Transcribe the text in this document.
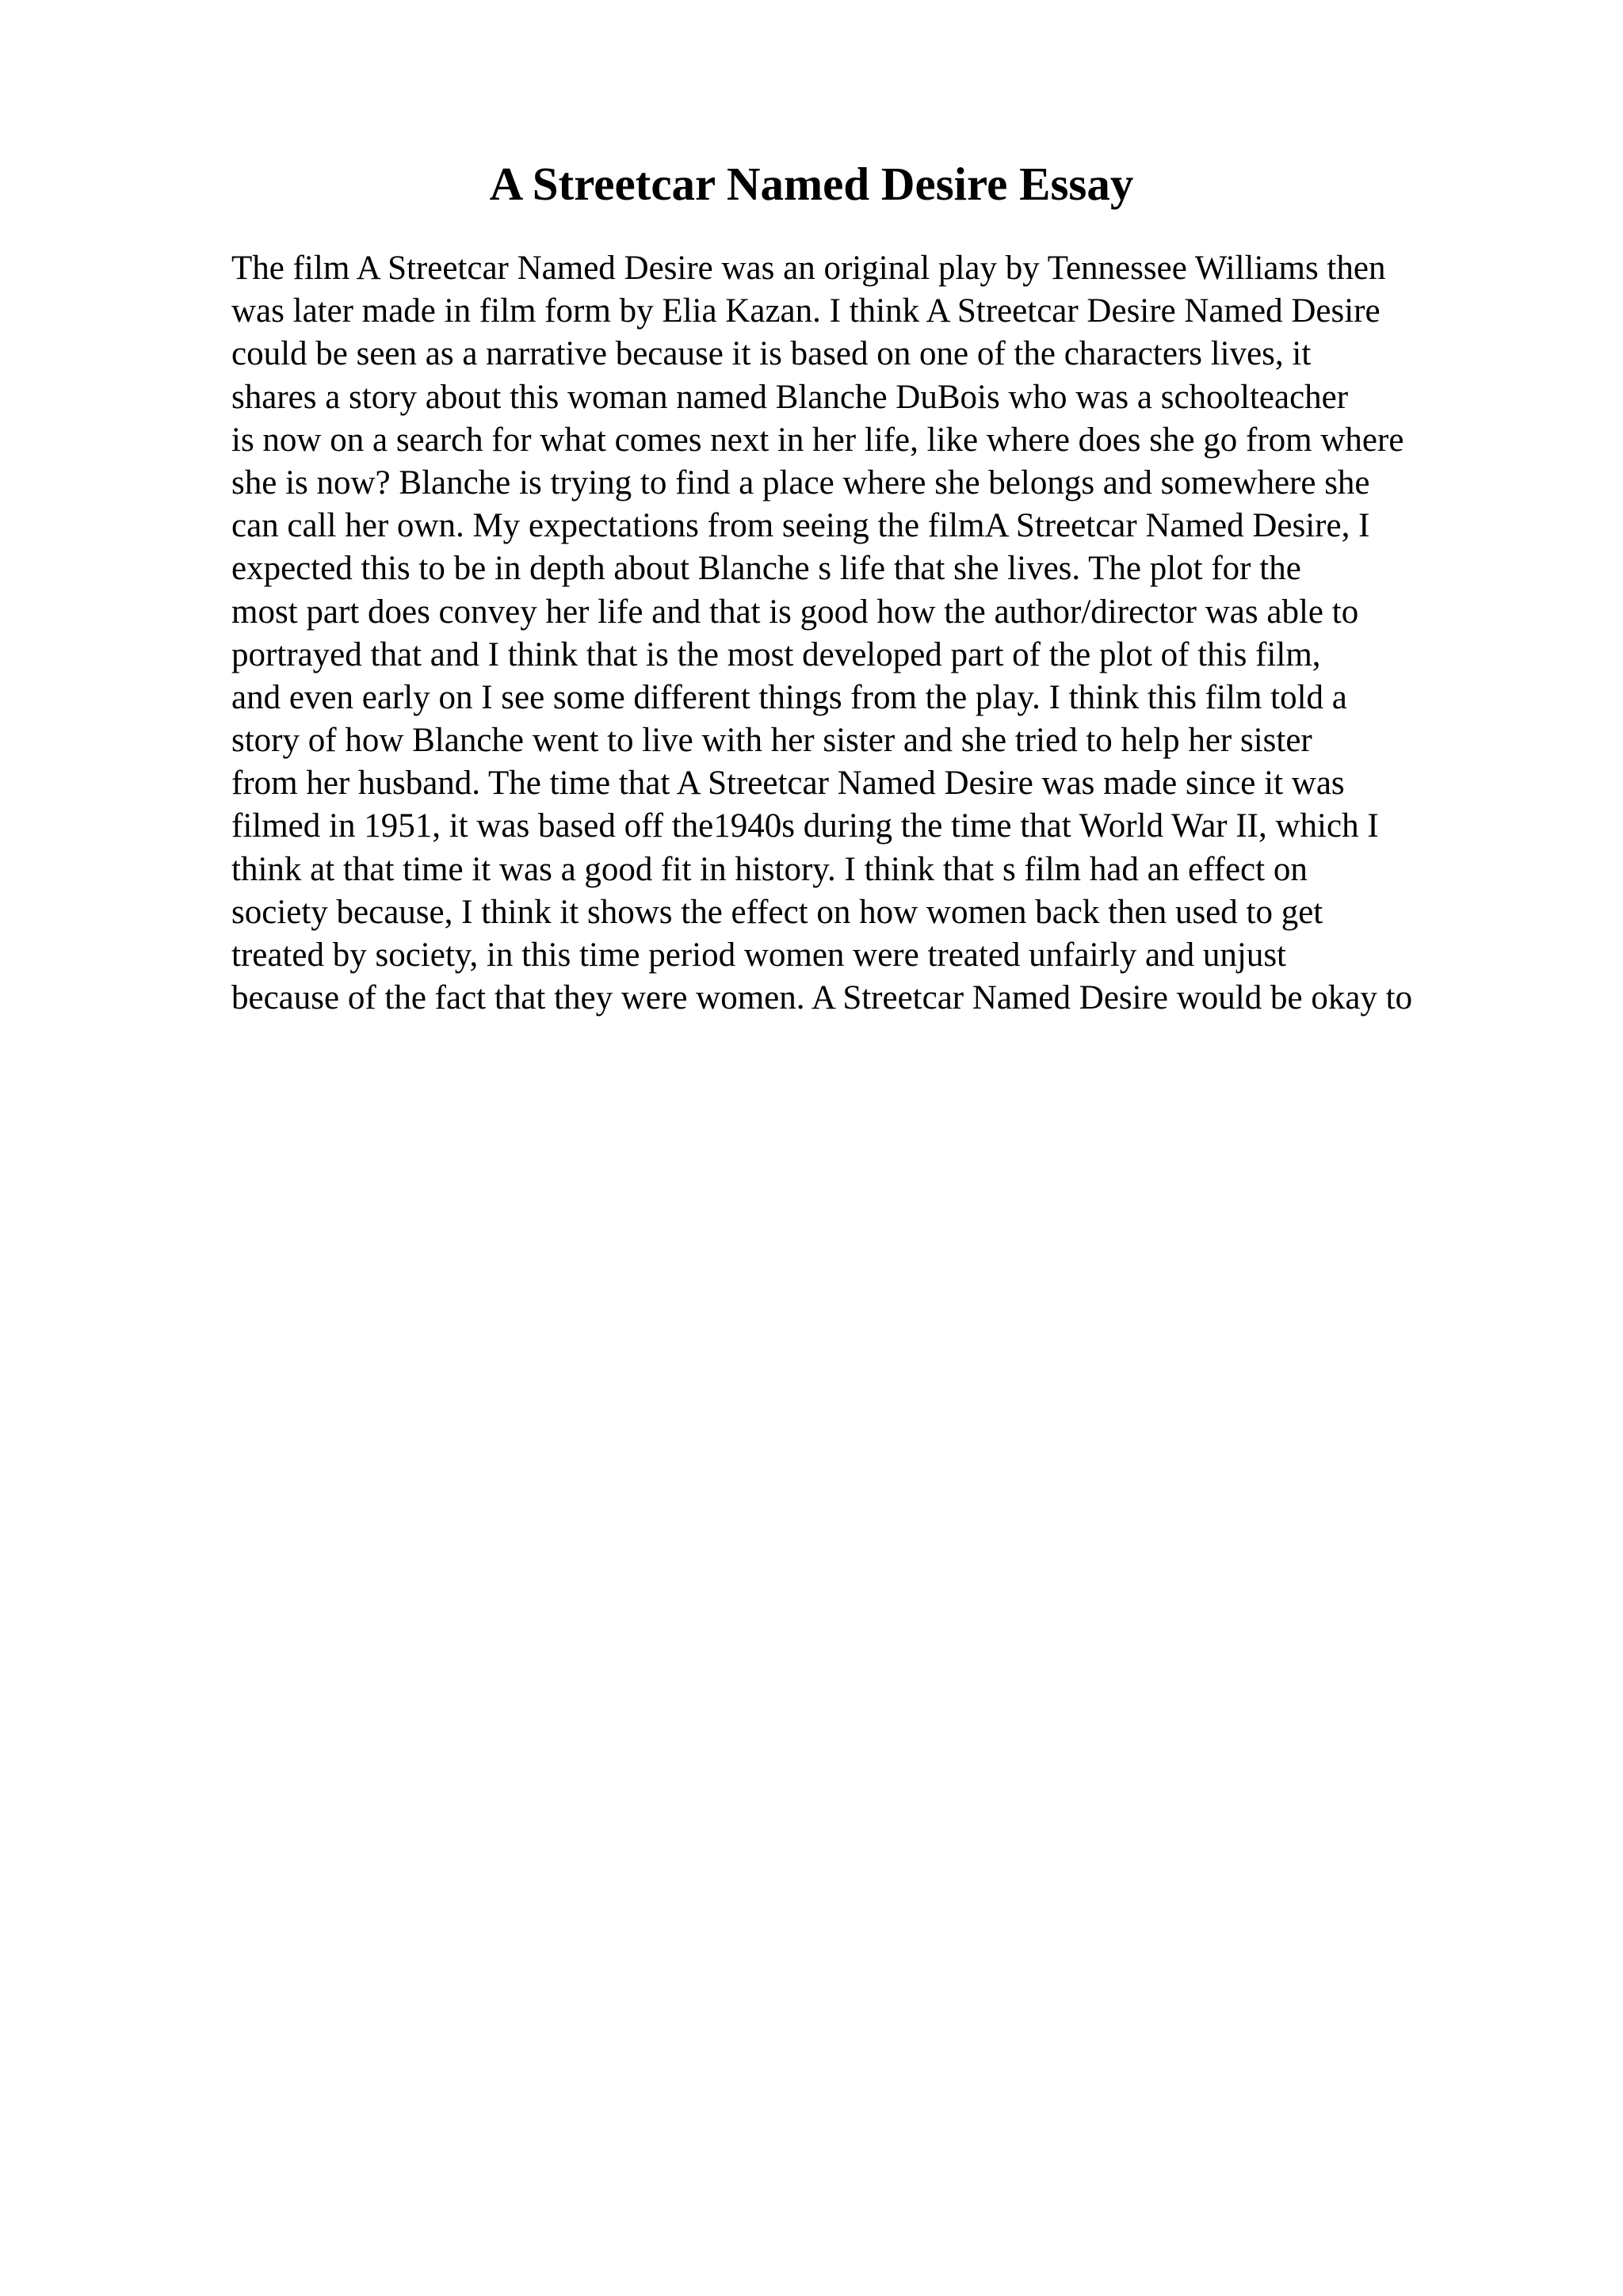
A Streetcar Named Desire Essay
The film A Streetcar Named Desire was an original play by Tennessee Williams then
was later made in film form by Elia Kazan. I think A Streetcar Desire Named Desire
could be seen as a narrative because it is based on one of the characters lives, it
shares a story about this woman named Blanche DuBois who was a schoolteacher
is now on a search for what comes next in her life, like where does she go from where
she is now? Blanche is trying to find a place where she belongs and somewhere she
can call her own. My expectations from seeing the filmA Streetcar Named Desire, I
expected this to be in depth about Blanche s life that she lives. The plot for the
most part does convey her life and that is good how the author/director was able to
portrayed that and I think that is the most developed part of the plot of this film,
and even early on I see some different things from the play. I think this film told a
story of how Blanche went to live with her sister and she tried to help her sister
from her husband. The time that A Streetcar Named Desire was made since it was
filmed in 1951, it was based off the1940s during the time that World War II, which I
think at that time it was a good fit in history. I think that s film had an effect on
society because, I think it shows the effect on how women back then used to get
treated by society, in this time period women were treated unfairly and unjust
because of the fact that they were women. A Streetcar Named Desire would be okay to
